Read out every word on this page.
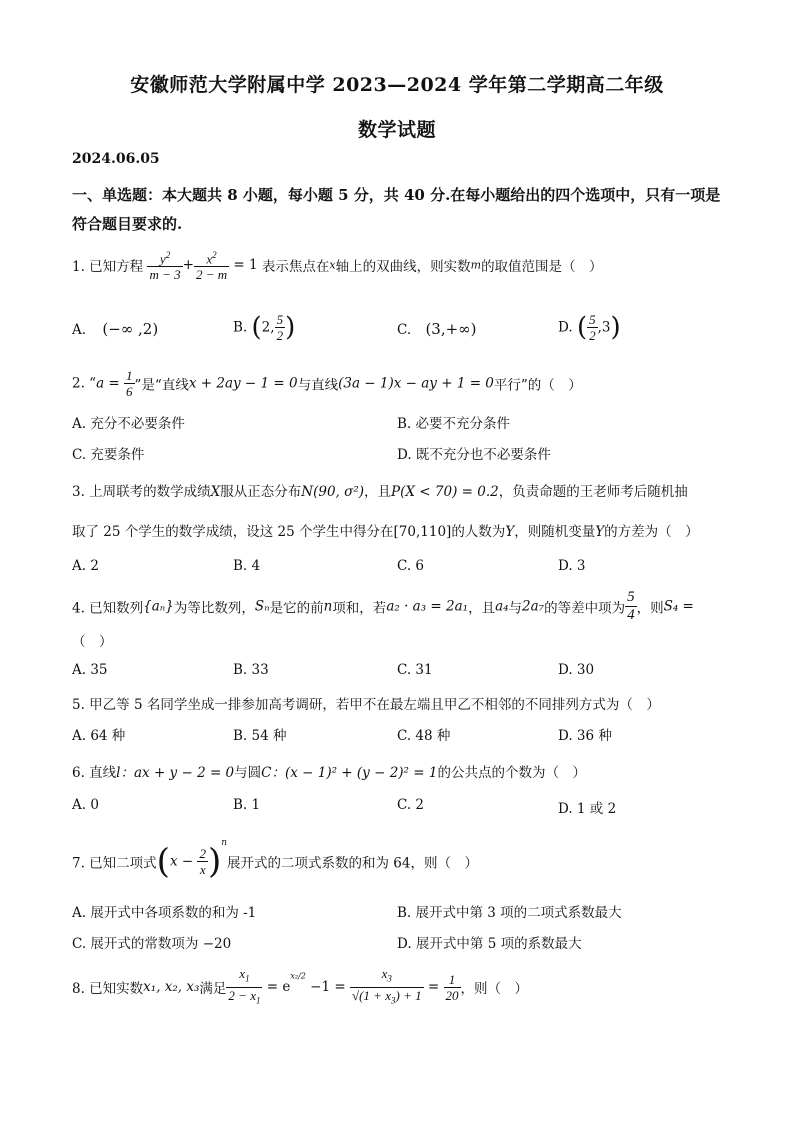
安徽师范大学附属中学 2023—2024 学年第二学期高二年级
数学试题
2024.06.05
一、单选题：本大题共 8 小题，每小题 5 分，共 40 分.在每小题给出的四个选项中，只有一项是符合题目要求的.
1. 已知方程 $\frac{y^2}{m - 3} + \frac{x^2}{2 - m} = 1$ 表示焦点在x轴上的双曲线，则实数m的取值范围是（　）
A. (−∞ ,2)	B. (2, $\frac{5}{2}$ )	C. (3,+∞)	D. ( $\frac{5}{2} ,3$)
2. “$a = \frac{1}{6}$ ”是“直线x + 2ay − 1 = 0与直线(3a − 1)x − ay + 1 = 0平行”的（　）
A. 充分不必要条件	B. 必要不充分条件
C. 充要条件	D. 既不充分也不必要条件
3. 上周联考的数学成绩X服从正态分布N(90, σ²)，且P(X < 70) = 0.2，负责命题的王老师考后随机抽
取了 25 个学生的数学成绩，设这 25 个学生中得分在[70,110]的人数为Y，则随机变量Y的方差为（　）
A. 2	B. 4	C. 6	D. 3
4. 已知数列{aₙ}为等比数列，Sₙ是它的前n项和，若a₂ · a₃ = 2a₁，且a₄与2a₇的等差中项为 $\frac{5}{4}$ ，则S₄ =
（　）
A. 35	B. 33	C. 31	D. 30
5. 甲乙等 5 名同学坐成一排参加高考调研，若甲不在最左端且甲乙不相邻的不同排列方式为（　）
A. 64 种	B. 54 种	C. 48 种	D. 36 种
6. 直线l：ax + y − 2 = 0与圆C：(x − 1)² + (y − 2)² = 1的公共点的个数为（　）
A. 0	B. 1	C. 2	D. 1 或 2
7. 已知二项式$(x - \frac{2}{x} )^n$展开式的二项式系数的和为 64，则（　）
A. 展开式中各项系数的和为 -1	B. 展开式中第 3 项的二项式系数最大
C. 展开式的常数项为 −20	D. 展开式中第 5 项的系数最大
8. 已知实数x₁, x₂, x₃满足 $\frac{x_1}{2 - x_1} = e^{x_2/2} -1 = \frac{x_3}{√(1 + x_3) + 1} = \frac{1}{20}$ ，则（　）
